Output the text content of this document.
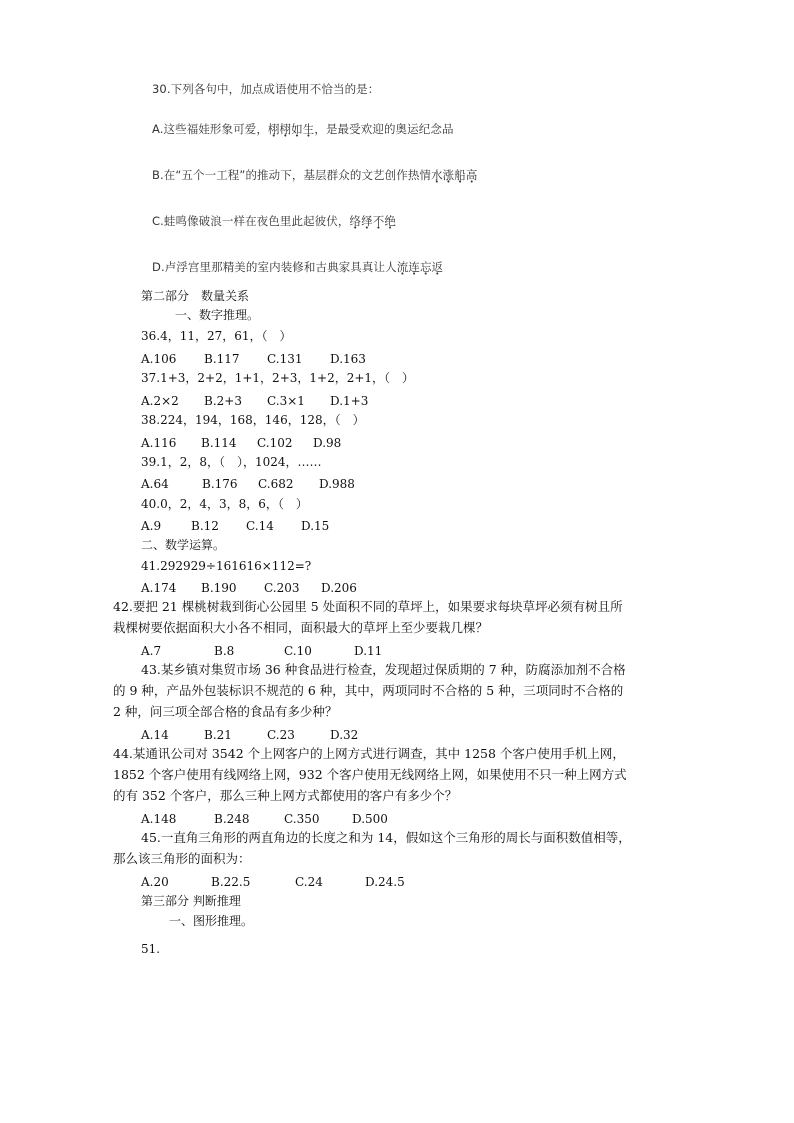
30.下列各句中，加点成语使用不恰当的是：
A.这些福娃形象可爱，栩栩如生，是最受欢迎的奥运纪念品
B.在“五个一工程”的推动下，基层群众的文艺创作热情水涨船高
C.蛙鸣像破浪一样在夜色里此起彼伏，络绎不绝
D.卢浮宫里那精美的室内装修和古典家具真让人流连忘返
第二部分　数量关系
一、数字推理。
36.4，11，27，61，（　）
A.106 B.117 C.131 D.163
37.1+3，2+2，1+1，2+3，1+2，2+1，（　）
A.2×2 B.2+3 C.3×1 D.1+3
38.224，194，168，146，128，（　）
A.116 B.114 C.102 D.98
39.1，2，8，（　），1024，……
A.64	B.176 C.682 D.988
40.0，2，4，3，8，6，（　）
A.9 B.12 C.14 D.15
二、数学运算。
41.292929÷161616×112=?
A.174 B.190 C.203 D.206
42.要把 21 棵桃树栽到街心公园里 5 处面积不同的草坪上，如果要求每块草坪必须有树且所
栽棵树要依据面积大小各不相同，面积最大的草坪上至少要栽几棵？
A.7	B.8	C.10	D.11
43.某乡镇对集贸市场 36 种食品进行检查，发现超过保质期的 7 种，防腐添加剂不合格
的 9 种，产品外包装标识不规范的 6 种，其中，两项同时不合格的 5 种，三项同时不合格的
2 种，问三项全部合格的食品有多少种？
A.14	B.21	C.23	D.32
44.某通讯公司对 3542 个上网客户的上网方式进行调查，其中 1258 个客户使用手机上网，
1852 个客户使用有线网络上网，932 个客户使用无线网络上网，如果使用不只一种上网方式
的有 352 个客户，那么三种上网方式都使用的客户有多少个？
A.148	B.248	C.350	D.500
45.一直角三角形的两直角边的长度之和为 14，假如这个三角形的周长与面积数值相等，
那么该三角形的面积为：
A.20	B.22.5	C.24	D.24.5
第三部分 判断推理
一、图形推理。
51.
